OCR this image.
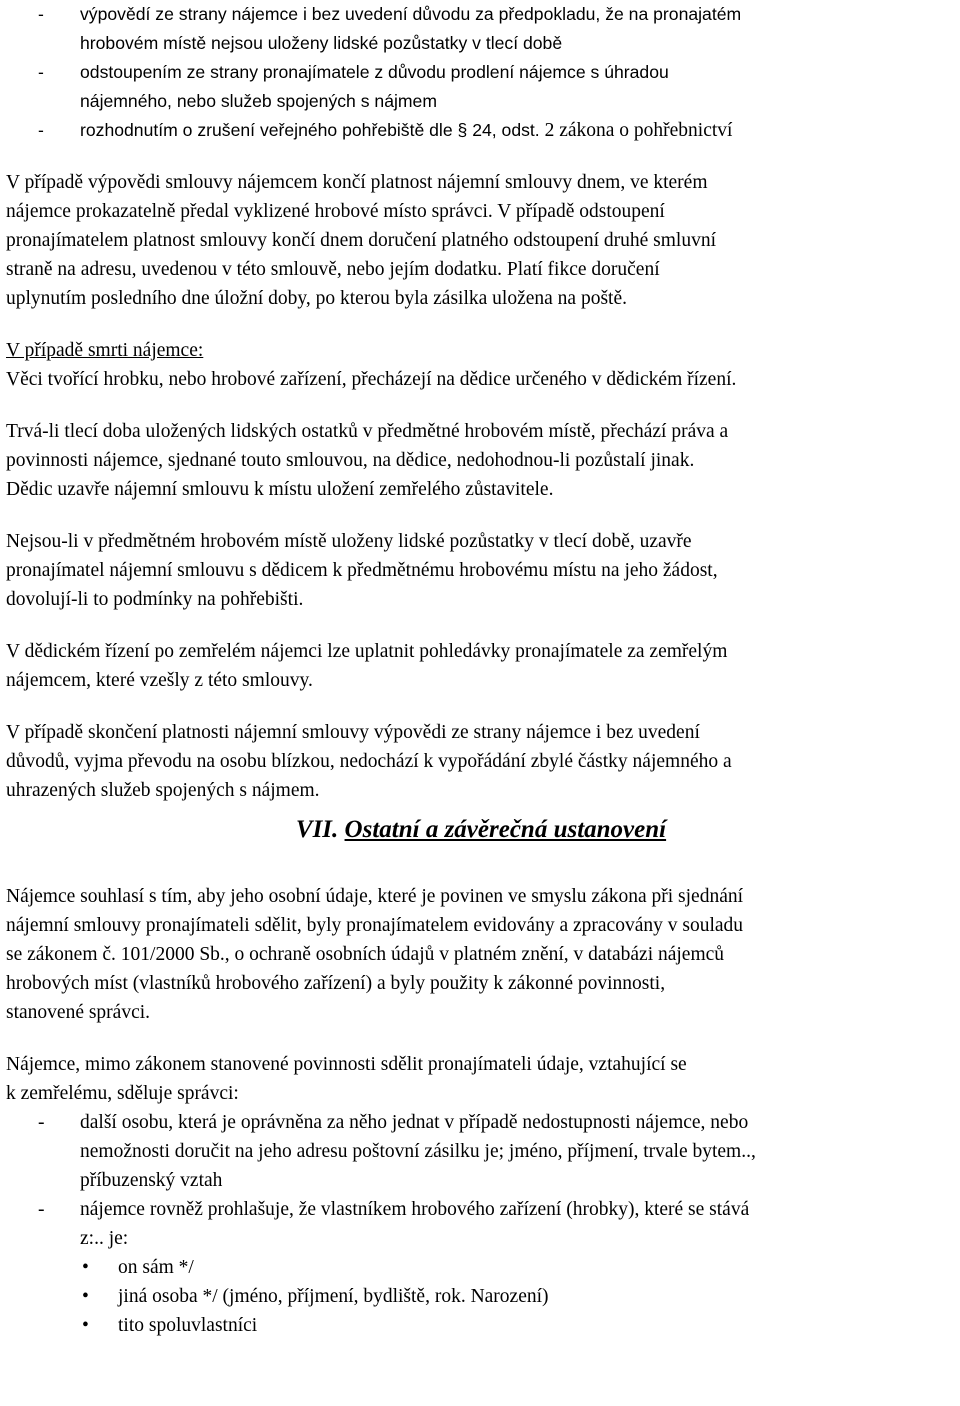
- výpovědí ze strany nájemce i bez uvedení důvodu za předpokladu, že na pronajatém
hrobovém místě nejsou uloženy lidské pozůstatky v tlecí době
- odstoupením ze strany pronajímatele z důvodu prodlení nájemce s úhradou
nájemného, nebo služeb spojených s nájmem
- rozhodnutím o zrušení veřejného pohřebiště dle § 24, odst. 2 zákona o pohřebnictví
V případě výpovědi smlouvy nájemcem končí platnost nájemní smlouvy dnem, ve kterém
nájemce prokazatelně předal vyklizené hrobové místo správci. V případě odstoupení
pronajímatelem platnost smlouvy končí dnem doručení platného odstoupení druhé smluvní
straně na adresu, uvedenou v této smlouvě, nebo jejím dodatku. Platí fikce doručení
uplynutím posledního dne úložní doby, po kterou byla zásilka uložena na poště.
V případě smrti nájemce:
Věci tvořící hrobku, nebo hrobové zařízení, přecházejí na dědice určeného v dědickém řízení.
Trvá-li tlecí doba uložených lidských ostatků v předmětné hrobovém místě, přechází práva a
povinnosti nájemce, sjednané touto smlouvou, na dědice, nedohodnou-li pozůstalí jinak.
Dědic uzavře nájemní smlouvu k místu uložení zemřelého zůstavitele.
Nejsou-li v předmětném hrobovém místě uloženy lidské pozůstatky v tlecí době, uzavře
pronajímatel nájemní smlouvu s dědicem k předmětnému hrobovému místu na jeho žádost,
dovolují-li to podmínky na pohřebišti.
V dědickém řízení po zemřelém nájemci lze uplatnit pohledávky pronajímatele za zemřelým
nájemcem, které vzešly z této smlouvy.
V případě skončení platnosti nájemní smlouvy výpovědi ze strany nájemce i bez uvedení
důvodů, vyjma převodu na osobu blízkou, nedochází k vypořádání zbylé částky nájemného a
uhrazených služeb spojených s nájmem.
VII. Ostatní a závěrečná ustanovení
Nájemce souhlasí s tím, aby jeho osobní údaje, které je povinen ve smyslu zákona při sjednání
nájemní smlouvy pronajímateli sdělit, byly pronajímatelem evidovány a zpracovány v souladu
se zákonem č. 101/2000 Sb., o ochraně osobních údajů v platném znění, v databázi nájemců
hrobových míst (vlastníků hrobového zařízení) a byly použity k zákonné povinnosti,
stanovené správci.
Nájemce, mimo zákonem stanovené povinnosti sdělit pronajímateli údaje, vztahující se
k zemřelému, sděluje správci:
- další osobu, která je oprávněna za něho jednat v případě nedostupnosti nájemce, nebo
nemožnosti doručit na jeho adresu poštovní zásilku je; jméno, příjmení, trvale bytem..,
příbuzenský vztah
- nájemce rovněž prohlašuje, že vlastníkem hrobového zařízení (hrobky), které se stává
z:.. je:
• on sám */
• jiná osoba */ (jméno, příjmení, bydliště, rok. Narození)
• tito spoluvlastníci
